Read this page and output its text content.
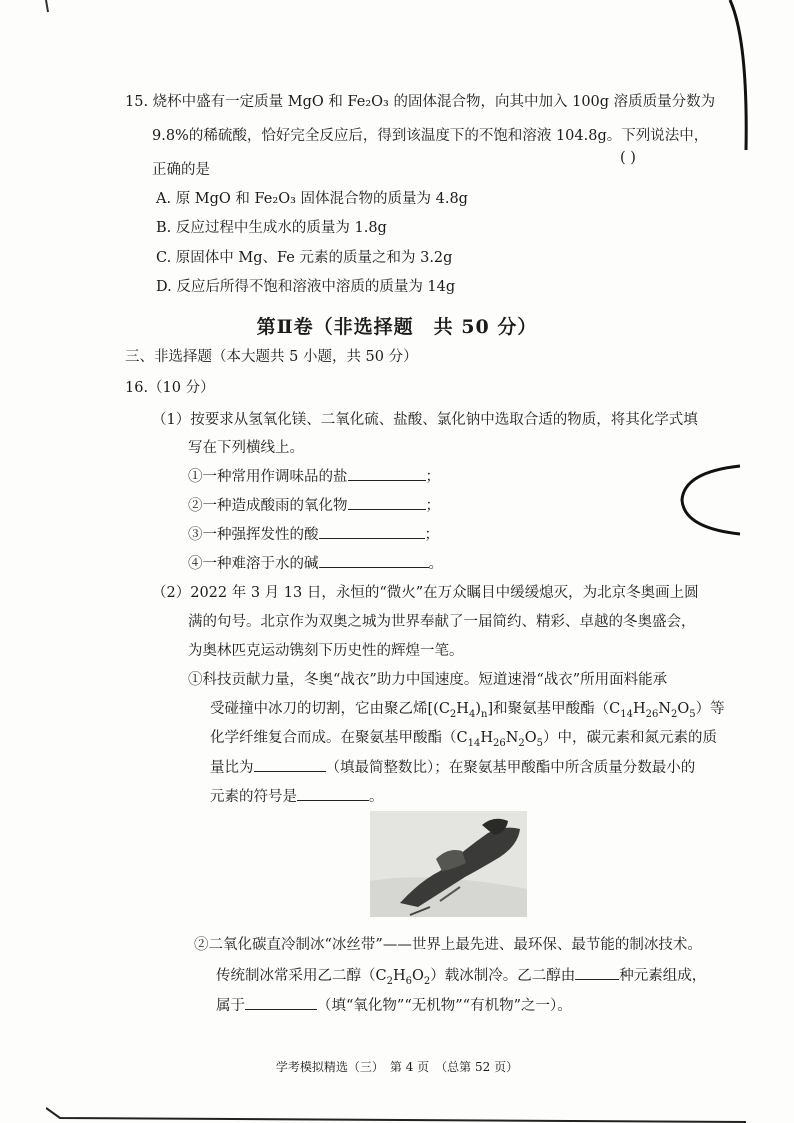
15. 烧杯中盛有一定质量 MgO 和 Fe₂O₃ 的固体混合物，向其中加入 100g 溶质质量分数为
9.8%的稀硫酸，恰好完全反应后，得到该温度下的不饱和溶液 104.8g。下列说法中，
正确的是
( )
A. 原 MgO 和 Fe₂O₃ 固体混合物的质量为 4.8g
B. 反应过程中生成水的质量为 1.8g
C. 原固体中 Mg、Fe 元素的质量之和为 3.2g
D. 反应后所得不饱和溶液中溶质的质量为 14g
第Ⅱ卷（非选择题　共 50 分）
三、非选择题（本大题共 5 小题，共 50 分）
16.（10 分）
（1）按要求从氢氧化镁、二氧化硫、盐酸、氯化钠中选取合适的物质，将其化学式填
写在下列横线上。
①一种常用作调味品的盐	；
②一种造成酸雨的氧化物	；
③一种强挥发性的酸	；
④一种难溶于水的碱	。
（2）2022 年 3 月 13 日，永恒的“微火”在万众瞩目中缓缓熄灭，为北京冬奥画上圆
满的句号。北京作为双奥之城为世界奉献了一届简约、精彩、卓越的冬奥盛会，
为奥林匹克运动镌刻下历史性的辉煌一笔。
①科技贡献力量，冬奥“战衣”助力中国速度。短道速滑“战衣”所用面料能承
受碰撞中冰刀的切割，它由聚乙烯$[(C_2H_4)_n]$和聚氨基甲酸酯$(C_{14}H_{26}N_2O_5)$等
化学纤维复合而成。在聚氨基甲酸酯$(C_{14}H_{26}N_2O_5)$中，碳元素和氮元素的质
量比为	（填最简整数比）；在聚氨基甲酸酯中所含质量分数最小的
元素的符号是	。
②二氧化碳直冷制冰“冰丝带”——世界上最先进、最环保、最节能的制冰技术。
传统制冰常采用乙二醇$(C_2H_6O_2)$载冰制冷。乙二醇由	种元素组成，
属于	（填“氧化物”“无机物”“有机物”之一）。
学考模拟精选（三）　第 4 页　（总第 52 页）
